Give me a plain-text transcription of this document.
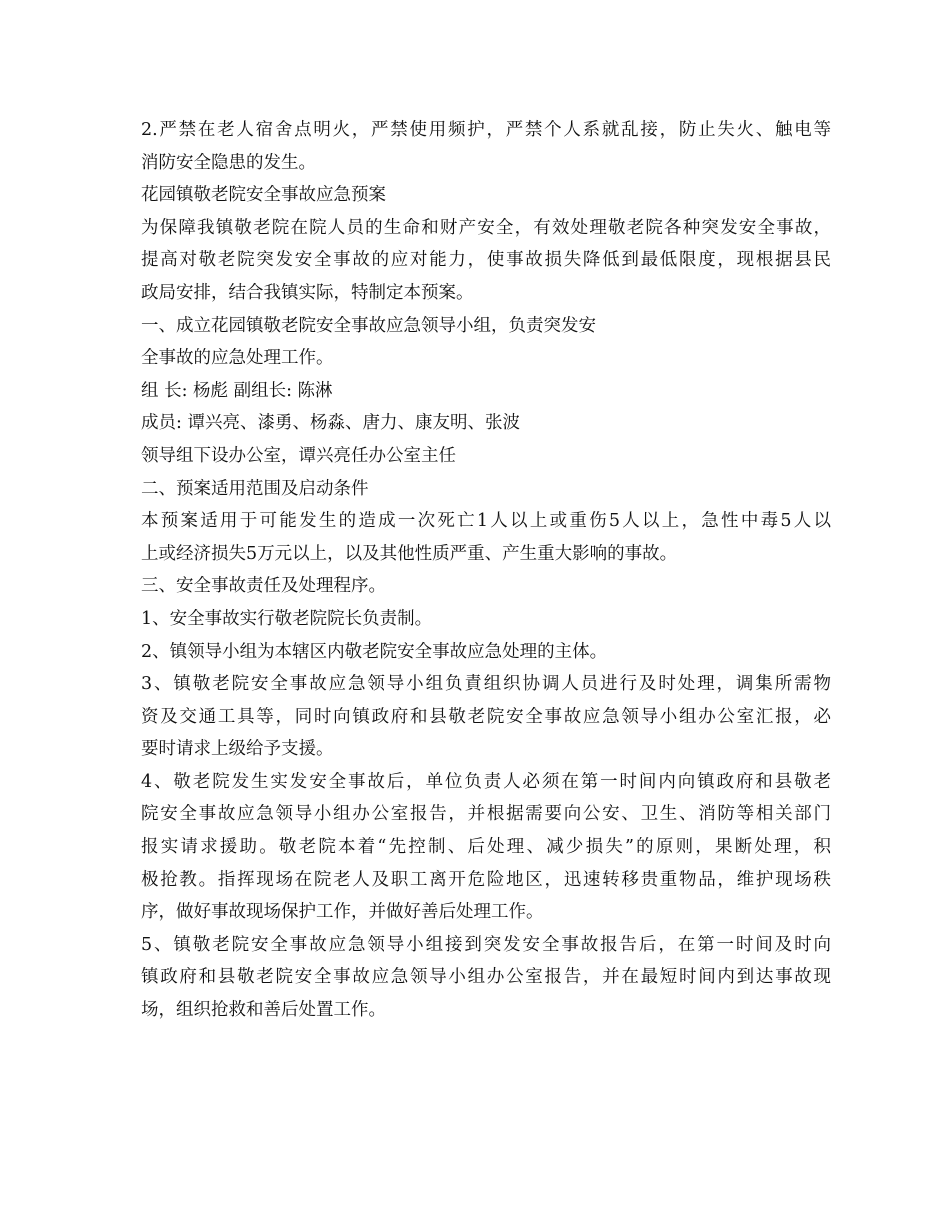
2.严禁在老人宿舍点明火，严禁使用频护，严禁个人系就乱接，防止失火、触电等
消防安全隐患的发生。
花园镇敬老院安全事故应急预案
为保障我镇敬老院在院人员的生命和财产安全，有效处理敬老院各种突发安全事故，
提高对敬老院突发安全事故的应对能力，使事故损失降低到最低限度，现根据县民
政局安排，结合我镇实际，特制定本预案。
一、成立花园镇敬老院安全事故应急领导小组，负责突发安
全事故的应急处理工作。
组 长: 杨彪 副组长: 陈淋
成员: 谭兴亮、漆勇、杨淼、唐力、康友明、张波
领导组下设办公室，谭兴亮任办公室主任
二、预案适用范围及启动条件
本预案适用于可能发生的造成一次死亡1人以上或重伤5人以上，急性中毒5人以
上或经济损失5万元以上，以及其他性质严重、产生重大影响的事故。
三、安全事故责任及处理程序。
1、安全事故实行敬老院院长负责制。
2、镇领导小组为本辖区内敬老院安全事故应急处理的主体。
3、镇敬老院安全事故应急领导小组负責组织协调人员进行及时处理，调集所需物
资及交通工具等，同时向镇政府和县敬老院安全事故应急领导小组办公室汇报，必
要时请求上级给予支援。
4、敬老院发生实发安全事故后，单位负责人必须在第一时间内向镇政府和县敬老
院安全事故应急领导小组办公室报告，并根据需要向公安、卫生、消防等相关部门
报实请求援助。敬老院本着“先控制、后处理、减少损失”的原则，果断处理，积
极抢教。指挥现场在院老人及职工离开危险地区，迅速转移贵重物品，维护现场秩
序，做好事故现场保护工作，并做好善后处理工作。
5、镇敬老院安全事故应急领导小组接到突发安全事故报告后，在第一时间及时向
镇政府和县敬老院安全事故应急领导小组办公室报告，并在最短时间内到达事故现
场，组织抢救和善后处置工作。
